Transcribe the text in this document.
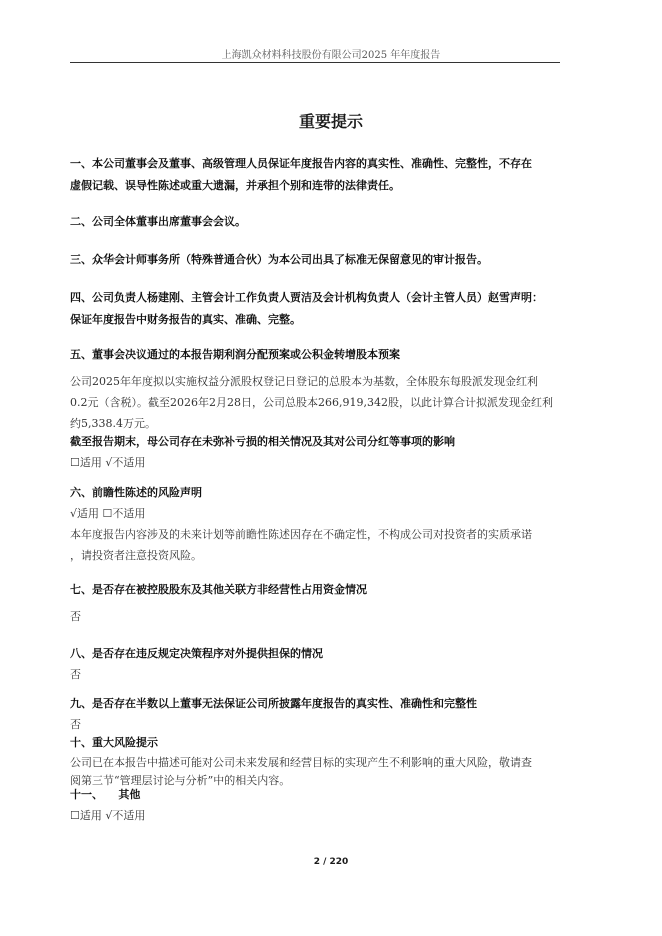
上海凯众材料科技股份有限公司2025 年年度报告
重要提示
一、本公司董事会及董事、高级管理人员保证年度报告内容的真实性、准确性、完整性，不存在
虚假记载、误导性陈述或重大遗漏，并承担个别和连带的法律责任。
二、公司全体董事出席董事会会议。
三、众华会计师事务所（特殊普通合伙）为本公司出具了标准无保留意见的审计报告。
四、公司负责人杨建刚、主管会计工作负责人贾洁及会计机构负责人（会计主管人员）赵雪声明：
保证年度报告中财务报告的真实、准确、完整。
五、董事会决议通过的本报告期利润分配预案或公积金转增股本预案
公司2025年年度拟以实施权益分派股权登记日登记的总股本为基数，全体股东每股派发现金红利
0.2元（含税）。截至2026年2月28日，公司总股本266,919,342股，以此计算合计拟派发现金红利
约5,338.4万元。
截至报告期末，母公司存在未弥补亏损的相关情况及其对公司分红等事项的影响
☐适用 √不适用
六、前瞻性陈述的风险声明
√适用 ☐不适用
本年度报告内容涉及的未来计划等前瞻性陈述因存在不确定性，不构成公司对投资者的实质承诺
，请投资者注意投资风险。
七、是否存在被控股股东及其他关联方非经营性占用资金情况
否
八、是否存在违反规定决策程序对外提供担保的情况
否
九、是否存在半数以上董事无法保证公司所披露年度报告的真实性、准确性和完整性
否
十、重大风险提示
公司已在本报告中描述可能对公司未来发展和经营目标的实现产生不利影响的重大风险，敬请查
阅第三节“管理层讨论与分析”中的相关内容。
十一、    其他
☐适用 √不适用
2 / 220
